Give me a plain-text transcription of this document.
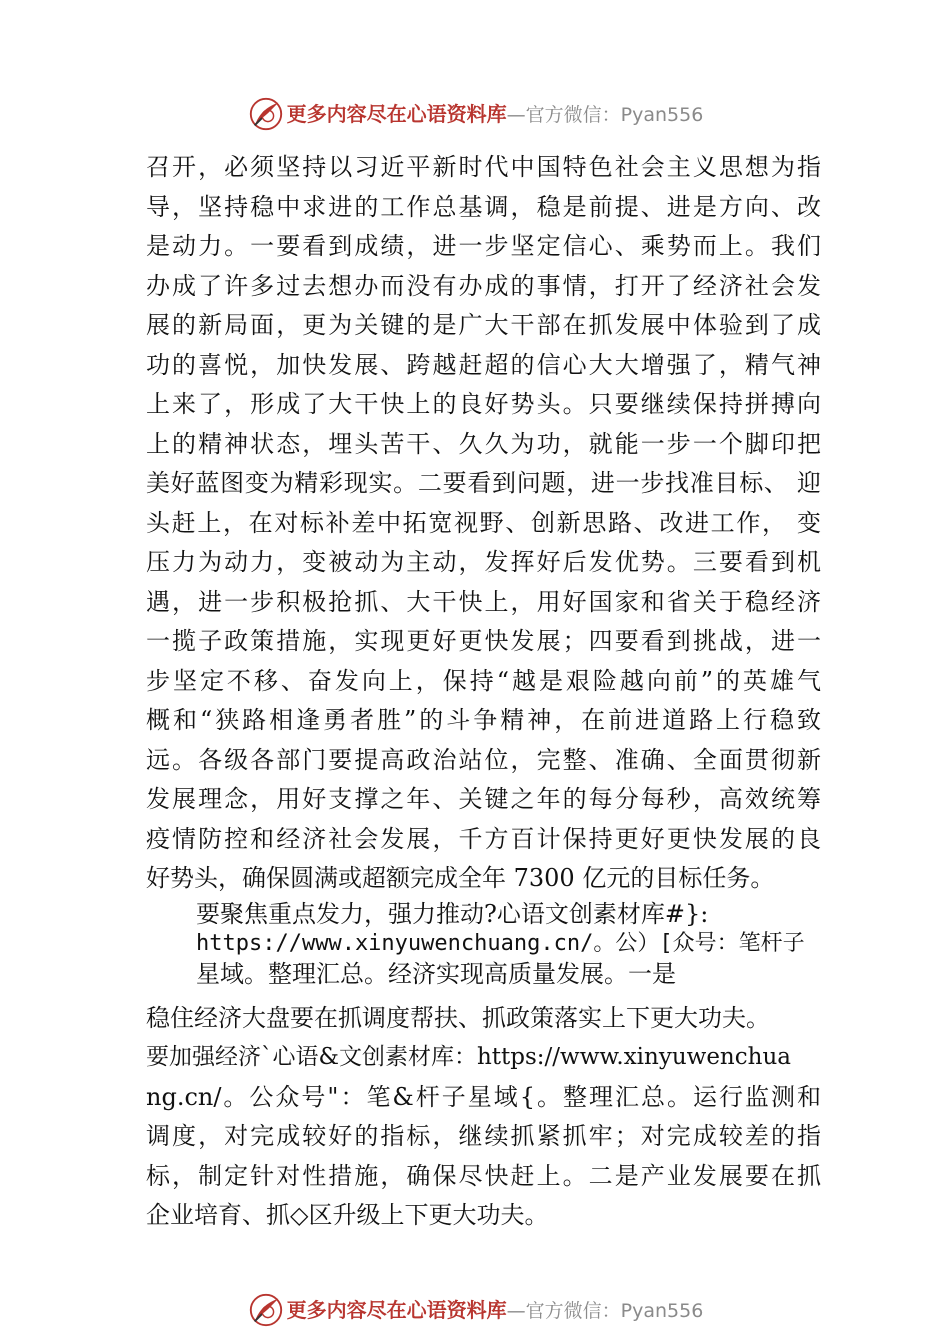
更多内容尽在心语资料库—官方微信：Pyan556
召开，必须坚持以习近平新时代中国特色社会主义思想为指
导，坚持稳中求进的工作总基调，稳是前提、进是方向、改
是动力。一要看到成绩，进一步坚定信心、乘势而上。我们
办成了许多过去想办而没有办成的事情，打开了经济社会发
展的新局面，更为关键的是广大干部在抓发展中体验到了成
功的喜悦，加快发展、跨越赶超的信心大大增强了，精气神
上来了，形成了大干快上的良好势头。只要继续保持拼搏向
上的精神状态，埋头苦干、久久为功，就能一步一个脚印把
美好蓝图变为精彩现实。二要看到问题，进一步找准目标、 迎
头赶上，在对标补差中拓宽视野、创新思路、改进工作， 变
压力为动力，变被动为主动，发挥好后发优势。三要看到机
遇，进一步积极抢抓、大干快上，用好国家和省关于稳经济
一揽子政策措施，实现更好更快发展；四要看到挑战，进一
步坚定不移、奋发向上，保持“越是艰险越向前”的英雄气
概和“狭路相逢勇者胜”的斗争精神，在前进道路上行稳致
远。各级各部门要提高政治站位，完整、准确、全面贯彻新
发展理念，用好支撑之年、关键之年的每分每秒，高效统筹
疫情防控和经济社会发展，千方百计保持更好更快发展的良
好势头，确保圆满或超额完成全年 7300 亿元的目标任务。
要聚焦重点发力，强力推动?心语文创素材库#}:
https://www.xinyuwenchuang.cn/。公）[众号：笔杆子
星域。整理汇总。经济实现高质量发展。一是
稳住经济大盘要在抓调度帮扶、抓政策落实上下更大功夫。
要加强经济`心语&文创素材库：https://www.xinyuwenchua
ng.cn/。公众号"：笔&杆子星域{。整理汇总。运行监测和
调度，对完成较好的指标，继续抓紧抓牢；对完成较差的指
标，制定针对性措施，确保尽快赶上。二是产业发展要在抓
企业培育、抓◇区升级上下更大功夫。
更多内容尽在心语资料库—官方微信：Pyan556
